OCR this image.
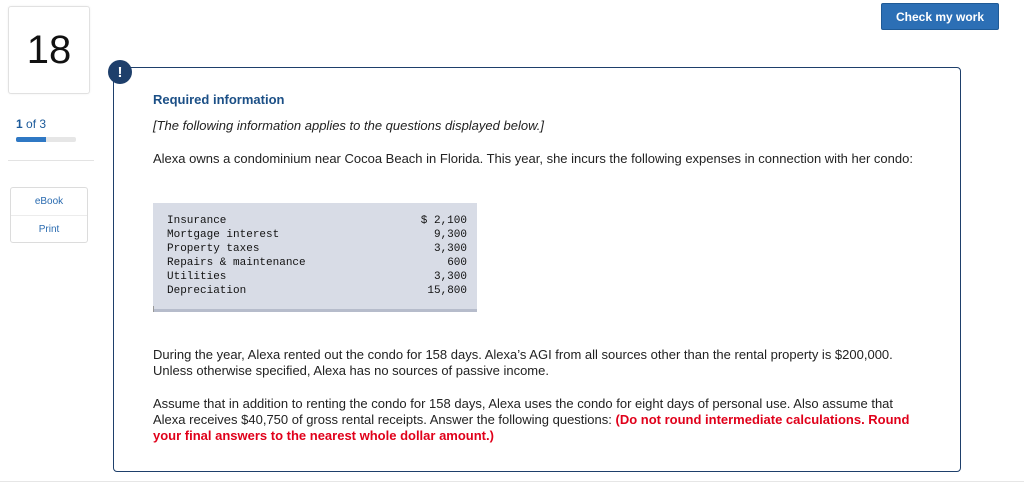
18
1 of 3
eBook
Print
Check my work
!
Required information
[The following information applies to the questions displayed below.]
Alexa owns a condominium near Cocoa Beach in Florida. This year, she incurs the following expenses in connection with her condo:
Insurance	$ 2,100
Mortgage interest	9,300
Property taxes	3,300
Repairs & maintenance	600
Utilities	3,300
Depreciation	15,800
During the year, Alexa rented out the condo for 158 days. Alexa’s AGI from all sources other than the rental property is $200,000. Unless otherwise specified, Alexa has no sources of passive income.
Assume that in addition to renting the condo for 158 days, Alexa uses the condo for eight days of personal use. Also assume that Alexa receives $40,750 of gross rental receipts. Answer the following questions: (Do not round intermediate calculations. Round your final answers to the nearest whole dollar amount.)
